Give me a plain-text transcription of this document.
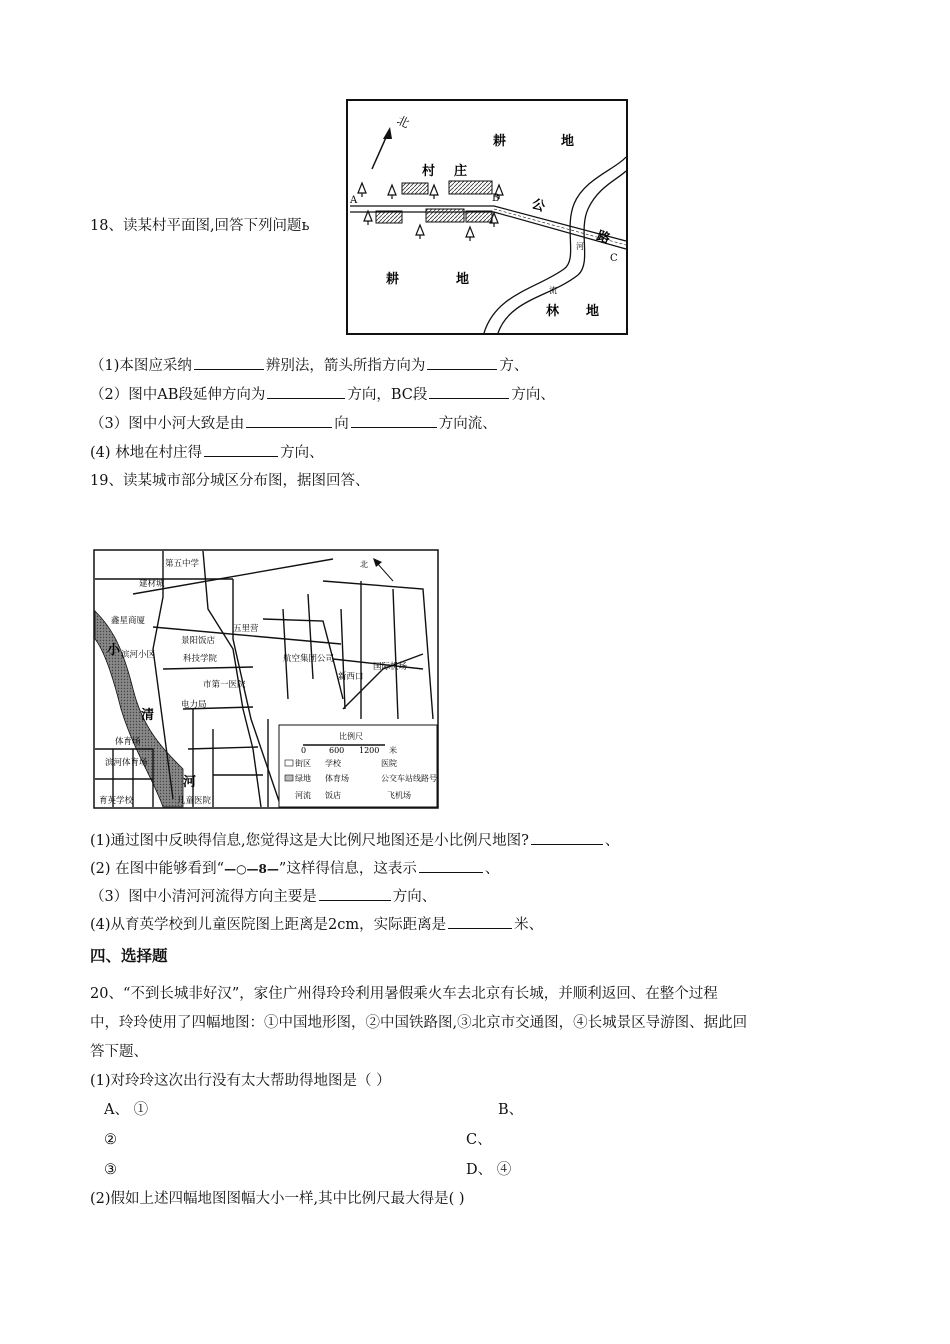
18、读某村平面图,回答下列问题ь
北
耕	地
村 庄
A	B
C
公
路
河
流
耕	地
林 地
（1)本图应采纳	辨别法，箭头所指方向为	方、
（2）图中AB段延伸方向为	方向，BC段	方向、
（3）图中小河大致是由	向	方向流、
(4) 林地在村庄得	方向、
19、读某城市部分城区分布图，据图回答、
第五中学
建材城
鑫星商厦
景阳饭店
五里营
科技学院
滨河小区
市第一医院
电力局
航空集团公司
新西口
国际机场
体育场
滨河体育场
育英学校	儿童医院
小
清
河
北
比例尺
0	600 1200 米
街区 学校	医院
绿地 体育场	公交车站线路号
河流 饭店	飞机场
(1)通过图中反映得信息,您觉得这是大比例尺地图还是小比例尺地图?	、
(2) 在图中能够看到“—○—8—”这样得信息，这表示	、
（3）图中小清河河流得方向主要是	方向、
(4)从育英学校到儿童医院图上距离是2cm，实际距离是	米、
四、选择题
20、“不到长城非好汉”，家住广州得玲玲利用暑假乘火车去北京有长城，并顺利返回、在整个过程
中，玲玲使用了四幅地图：①中国地形图，②中国铁路图,③北京市交通图，④长城景区导游图、据此回
答下题、
(1)对玲玲这次出行没有太大帮助得地图是（ ）
A、 ①	B、
②	C、
③	D、 ④
(2)假如上述四幅地图图幅大小一样,其中比例尺最大得是( )
